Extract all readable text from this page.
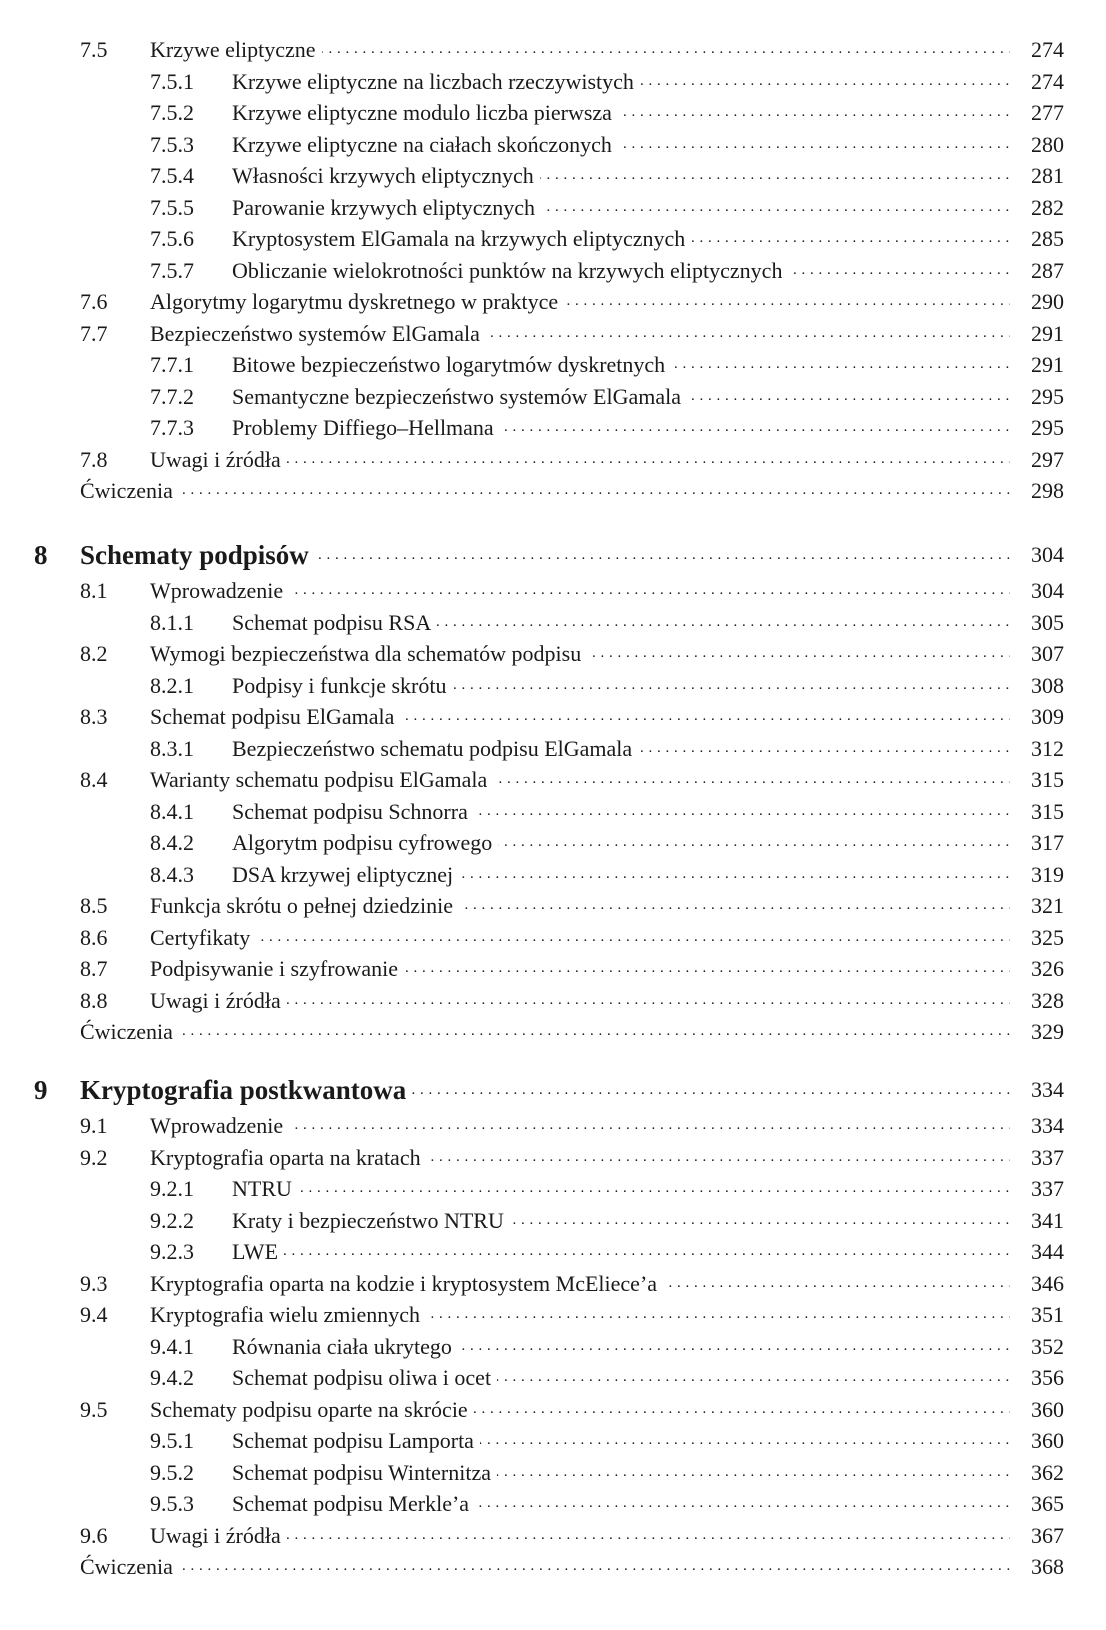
7.5 Krzywe eliptyczne . . .	274
7.5.1 Krzywe eliptyczne na liczbach rzeczywistych . . .	274
7.5.2 Krzywe eliptyczne modulo liczba pierwsza . . .	277
7.5.3 Krzywe eliptyczne na ciałach skończonych . . .	280
7.5.4 Własności krzywych eliptycznych . . .	281
7.5.5 Parowanie krzywych eliptycznych . . .	282
7.5.6 Kryptosystem ElGamala na krzywych eliptycznych . . .	285
7.5.7 Obliczanie wielokrotności punktów na krzywych eliptycznych . . .	287
7.6 Algorytmy logarytmu dyskretnego w praktyce . . .	290
7.7 Bezpieczeństwo systemów ElGamala . . .	291
7.7.1 Bitowe bezpieczeństwo logarytmów dyskretnych . . .	291
7.7.2 Semantyczne bezpieczeństwo systemów ElGamala . . .	295
7.7.3 Problemy Diffiego–Hellmana . . .	295
7.8 Uwagi i źródła . . .	297
Ćwiczenia . . .	298
8 Schematy podpisów . . .	304
8.1 Wprowadzenie . . .	304
8.1.1 Schemat podpisu RSA . . .	305
8.2 Wymogi bezpieczeństwa dla schematów podpisu . . .	307
8.2.1 Podpisy i funkcje skrótu . . .	308
8.3 Schemat podpisu ElGamala . . .	309
8.3.1 Bezpieczeństwo schematu podpisu ElGamala . . .	312
8.4 Warianty schematu podpisu ElGamala . . .	315
8.4.1 Schemat podpisu Schnorra . . .	315
8.4.2 Algorytm podpisu cyfrowego . . .	317
8.4.3 DSA krzywej eliptycznej . . .	319
8.5 Funkcja skrótu o pełnej dziedzinie . . .	321
8.6 Certyfikaty . . .	325
8.7 Podpisywanie i szyfrowanie . . .	326
8.8 Uwagi i źródła . . .	328
Ćwiczenia . . .	329
9 Kryptografia postkwantowa . . .	334
9.1 Wprowadzenie . . .	334
9.2 Kryptografia oparta na kratach . . .	337
9.2.1 NTRU . . .	337
9.2.2 Kraty i bezpieczeństwo NTRU . . .	341
9.2.3 LWE . . .	344
9.3 Kryptografia oparta na kodzie i kryptosystem McEliece’a . . .	346
9.4 Kryptografia wielu zmiennych . . .	351
9.4.1 Równania ciała ukrytego . . .	352
9.4.2 Schemat podpisu oliwa i ocet . . .	356
9.5 Schematy podpisu oparte na skrócie . . .	360
9.5.1 Schemat podpisu Lamporta . . .	360
9.5.2 Schemat podpisu Winternitza . . .	362
9.5.3 Schemat podpisu Merkle’a . . .	365
9.6 Uwagi i źródła . . .	367
Ćwiczenia . . .	368
